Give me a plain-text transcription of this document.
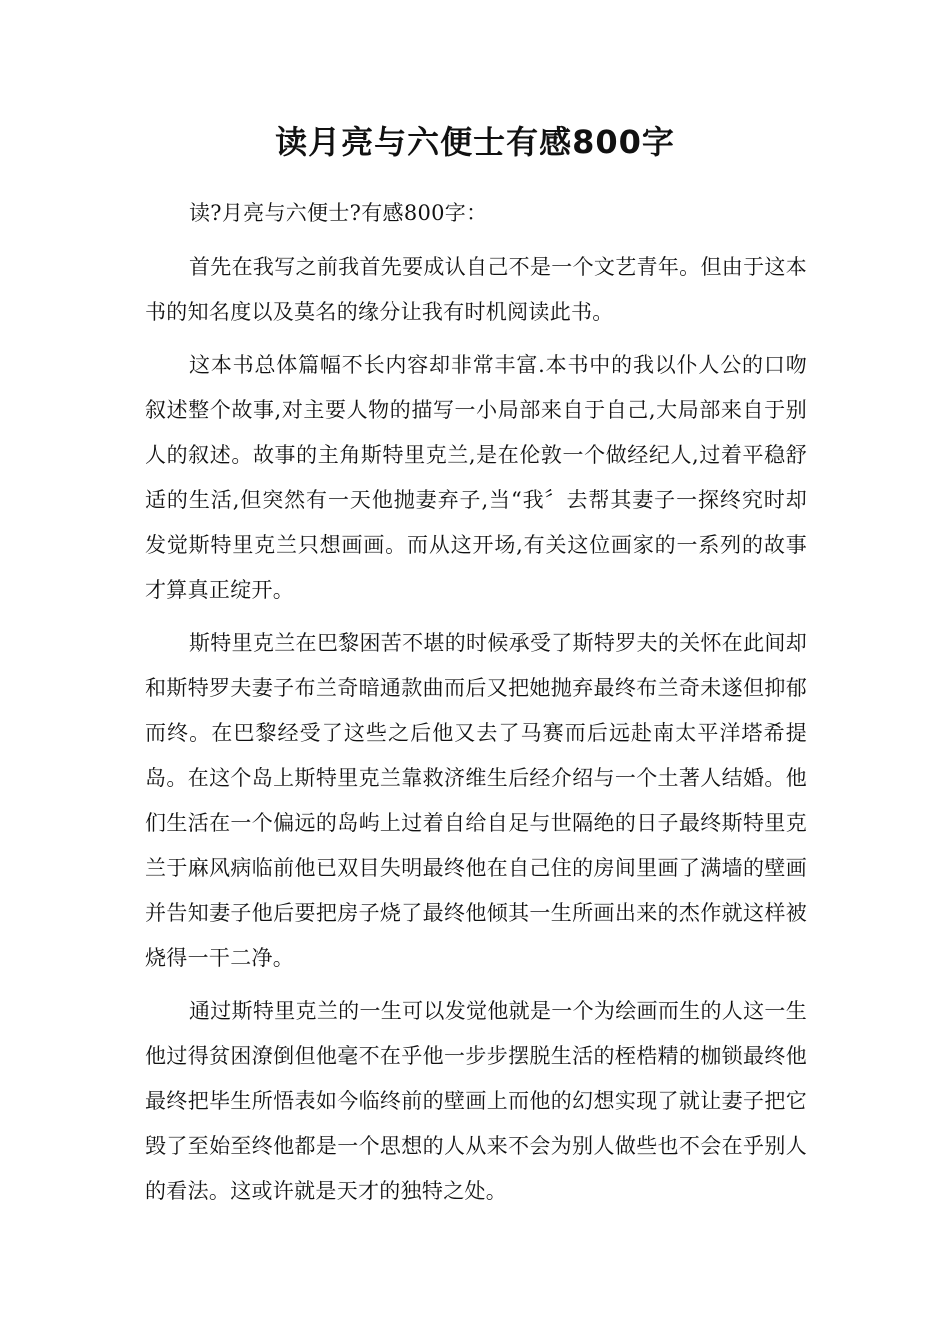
读月亮与六便士有感800字

读?月亮与六便士?有感800字：

首先在我写之前我首先要成认自己不是一个文艺青年。但由于这本书的知名度以及莫名的缘分让我有时机阅读此书。

这本书总体篇幅不长内容却非常丰富.本书中的我以仆人公的口吻叙述整个故事,对主要人物的描写一小局部来自于自己,大局部来自于别人的叙述。故事的主角斯特里克兰,是在伦敦一个做经纪人,过着平稳舒适的生活,但突然有一天他抛妻弃子,当“我〞去帮其妻子一探终究时却发觉斯特里克兰只想画画。而从这开场,有关这位画家的一系列的故事才算真正绽开。

斯特里克兰在巴黎困苦不堪的时候承受了斯特罗夫的关怀在此间却和斯特罗夫妻子布兰奇暗通款曲而后又把她抛弃最终布兰奇未遂但抑郁而终。在巴黎经受了这些之后他又去了马赛而后远赴南太平洋塔希提岛。在这个岛上斯特里克兰靠救济维生后经介绍与一个土著人结婚。他们生活在一个偏远的岛屿上过着自给自足与世隔绝的日子最终斯特里克兰于麻风病临前他已双目失明最终他在自己住的房间里画了满墙的壁画并告知妻子他后要把房子烧了最终他倾其一生所画出来的杰作就这样被烧得一干二净。

通过斯特里克兰的一生可以发觉他就是一个为绘画而生的人这一生他过得贫困潦倒但他毫不在乎他一步步摆脱生活的桎梏精的枷锁最终他最终把毕生所悟表如今临终前的壁画上而他的幻想实现了就让妻子把它毁了至始至终他都是一个思想的人从来不会为别人做些也不会在乎别人的看法。这或许就是天才的独特之处。
